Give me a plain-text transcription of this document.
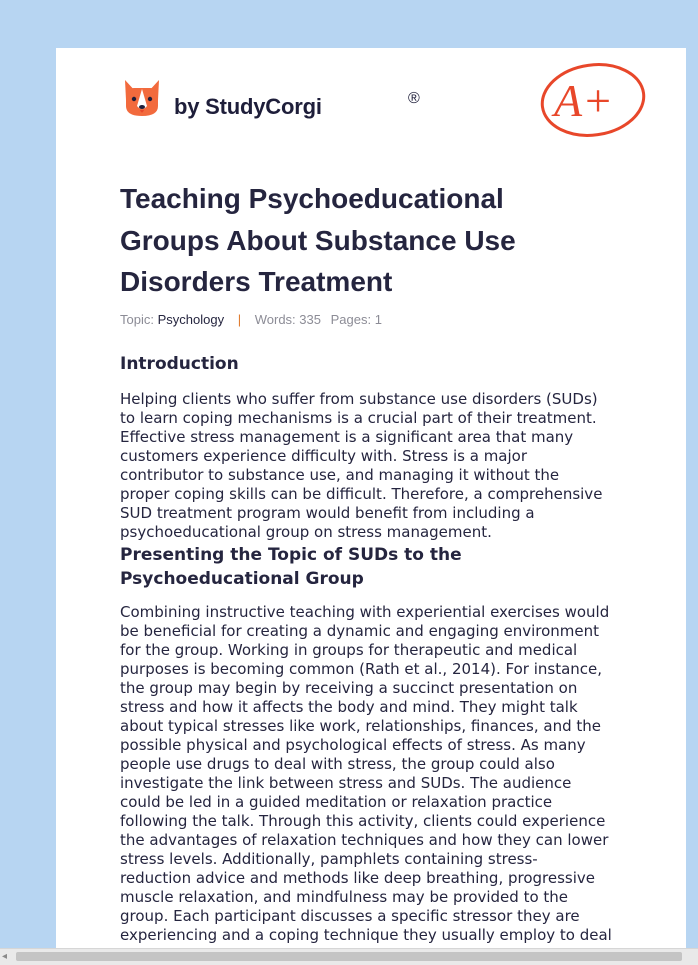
by StudyCorgi	®	A+
Teaching Psychoeducational
Groups About Substance Use
Disorders Treatment
Topic: Psychology | Words: 335 Pages: 1
Introduction

Helping clients who suffer from substance use disorders (SUDs)

to learn coping mechanisms is a crucial part of their treatment.

Effective stress management is a significant area that many

customers experience difficulty with. Stress is a major

contributor to substance use, and managing it without the

proper coping skills can be difficult. Therefore, a comprehensive

SUD treatment program would benefit from including a

psychoeducational group on stress management.

Presenting the Topic of SUDs to the
Psychoeducational Group

Combining instructive teaching with experiential exercises would

be beneficial for creating a dynamic and engaging environment

for the group. Working in groups for therapeutic and medical

purposes is becoming common (Rath et al., 2014). For instance,

the group may begin by receiving a succinct presentation on

stress and how it affects the body and mind. They might talk

about typical stresses like work, relationships, finances, and the

possible physical and psychological effects of stress. As many

people use drugs to deal with stress, the group could also

investigate the link between stress and SUDs. The audience

could be led in a guided meditation or relaxation practice

following the talk. Through this activity, clients could experience

the advantages of relaxation techniques and how they can lower

stress levels. Additionally, pamphlets containing stress-

reduction advice and methods like deep breathing, progressive

muscle relaxation, and mindfulness may be provided to the

group. Each participant discusses a specific stressor they are

experiencing and a coping technique they usually employ to deal

◂
